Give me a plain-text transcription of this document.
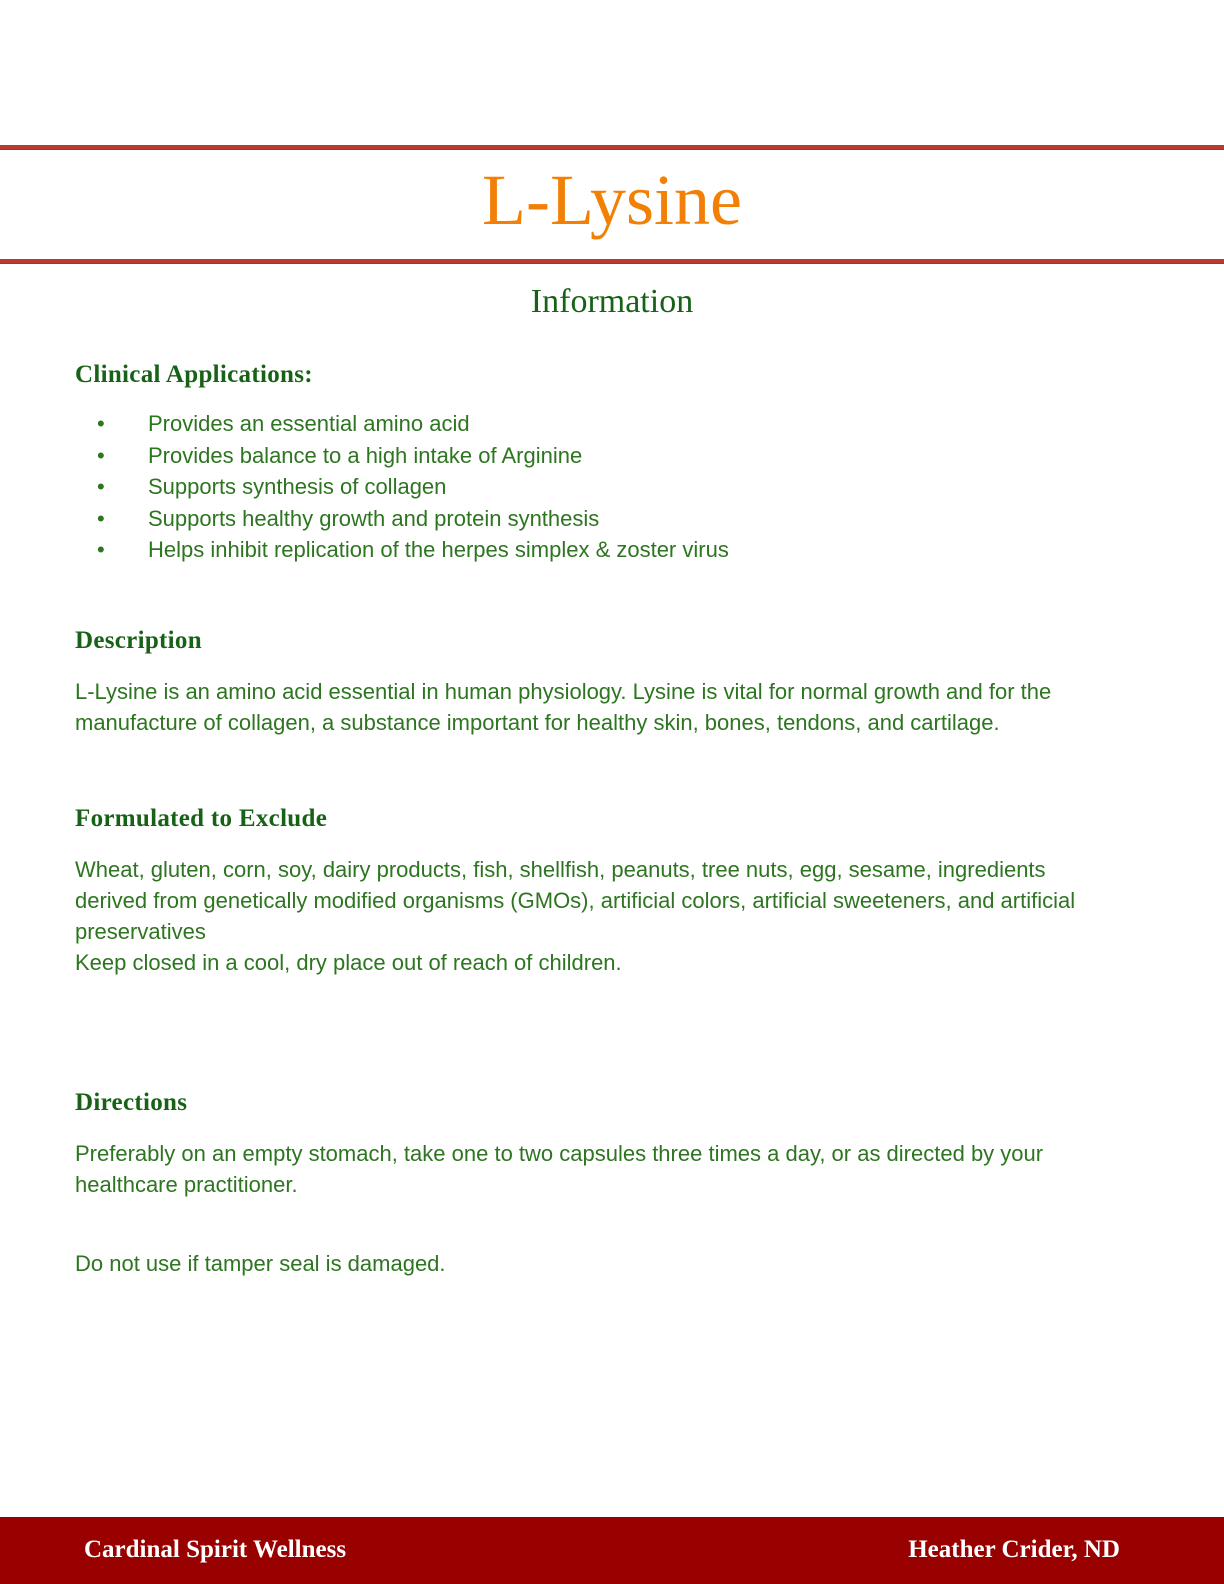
L-Lysine
Information
Clinical Applications:
• Provides an essential amino acid
• Provides balance to a high intake of Arginine
• Supports synthesis of collagen
• Supports healthy growth and protein synthesis
• Helps inhibit replication of the herpes simplex & zoster virus
Description

L-Lysine is an amino acid essential in human physiology. Lysine is vital for normal growth and for the manufacture of collagen, a substance important for healthy skin, bones, tendons, and cartilage.

Formulated to Exclude

Wheat, gluten, corn, soy, dairy products, fish, shellfish, peanuts, tree nuts, egg, sesame, ingredients derived from genetically modified organisms (GMOs), artificial colors, artificial sweeteners, and artificial preservatives

Keep closed in a cool, dry place out of reach of children.

Directions

Preferably on an empty stomach, take one to two capsules three times a day, or as directed by your healthcare practitioner.

Do not use if tamper seal is damaged.

Cardinal Spirit Wellness	Heather Crider, ND
